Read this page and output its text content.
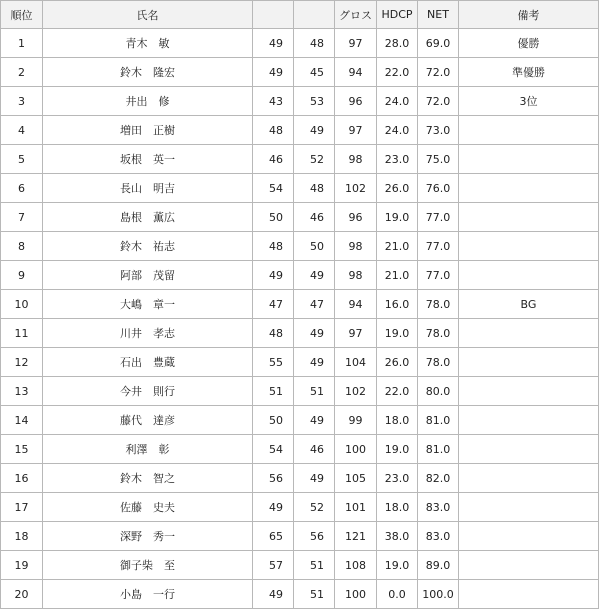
順位	氏名			グロス	HDCP	NET	備考
1	青木　敏	49	48	97	28.0	69.0	優勝
2	鈴木　隆宏	49	45	94	22.0	72.0	準優勝
3	井出　修	43	53	96	24.0	72.0	3位
4	増田　正樹	48	49	97	24.0	73.0	
5	坂根　英一	46	52	98	23.0	75.0	
6	長山　明吉	54	48	102	26.0	76.0	
7	島根　薫広	50	46	96	19.0	77.0	
8	鈴木　祐志	48	50	98	21.0	77.0	
9	阿部　茂留	49	49	98	21.0	77.0	
10	大嶋　章一	47	47	94	16.0	78.0	BG
11	川井　孝志	48	49	97	19.0	78.0	
12	石出　豊蔵	55	49	104	26.0	78.0	
13	今井　則行	51	51	102	22.0	80.0	
14	藤代　達彦	50	49	99	18.0	81.0	
15	利澤　彰	54	46	100	19.0	81.0	
16	鈴木　智之	56	49	105	23.0	82.0	
17	佐藤　史夫	49	52	101	18.0	83.0	
18	深野　秀一	65	56	121	38.0	83.0	
19	御子柴　至	57	51	108	19.0	89.0	
20	小島　一行	49	51	100	0.0	100.0	
